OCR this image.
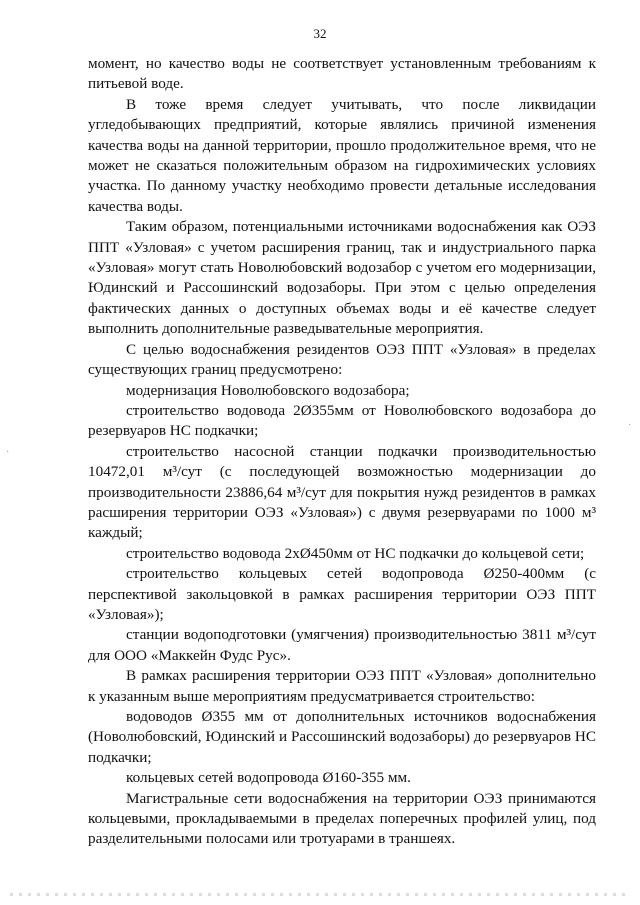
32

момент, но качество воды не соответствует установленным требованиям к питьевой воде.

В тоже время следует учитывать, что после ликвидации угледобывающих предприятий, которые являлись причиной изменения качества воды на данной территории, прошло продолжительное время, что не может не сказаться положительным образом на гидрохимических условиях участка. По данному участку необходимо провести детальные исследования качества воды.

Таким образом, потенциальными источниками водоснабжения как ОЭЗ ППТ «Узловая» с учетом расширения границ, так и индустриального парка «Узловая» могут стать Новолюбовский водозабор с учетом его модернизации, Юдинский и Рассошинский водозаборы. При этом с целью определения фактических данных о доступных объемах воды и её качестве следует выполнить дополнительные разведывательные мероприятия.

С целью водоснабжения резидентов ОЭЗ ППТ «Узловая» в пределах существующих границ предусмотрено:

модернизация Новолюбовского водозабора;

строительство водовода 2Ø355мм от Новолюбовского водозабора до резервуаров НС подкачки;

строительство насосной станции подкачки производительностью 10472,01 м³/сут (с последующей возможностью модернизации до производительности 23886,64 м³/сут для покрытия нужд резидентов в рамках расширения территории ОЭЗ «Узловая») с двумя резервуарами по 1000 м³ каждый;

строительство водовода 2хØ450мм от НС подкачки до кольцевой сети;

строительство кольцевых сетей водопровода Ø250-400мм (с перспективой закольцовкой в рамках расширения территории ОЭЗ ППТ «Узловая»);

станции водоподготовки (умягчения) производительностью 3811 м³/сут для ООО «Маккейн Фудс Рус».

В рамках расширения территории ОЭЗ ППТ «Узловая» дополнительно к указанным выше мероприятиям предусматривается строительство:

водоводов Ø355 мм от дополнительных источников водоснабжения (Новолюбовский, Юдинский и Рассошинский водозаборы) до резервуаров НС подкачки;

кольцевых сетей водопровода Ø160-355 мм.

Магистральные сети водоснабжения на территории ОЭЗ принимаются кольцевыми, прокладываемыми в пределах поперечных профилей улиц, под разделительными полосами или тротуарами в траншеях.

·
·
